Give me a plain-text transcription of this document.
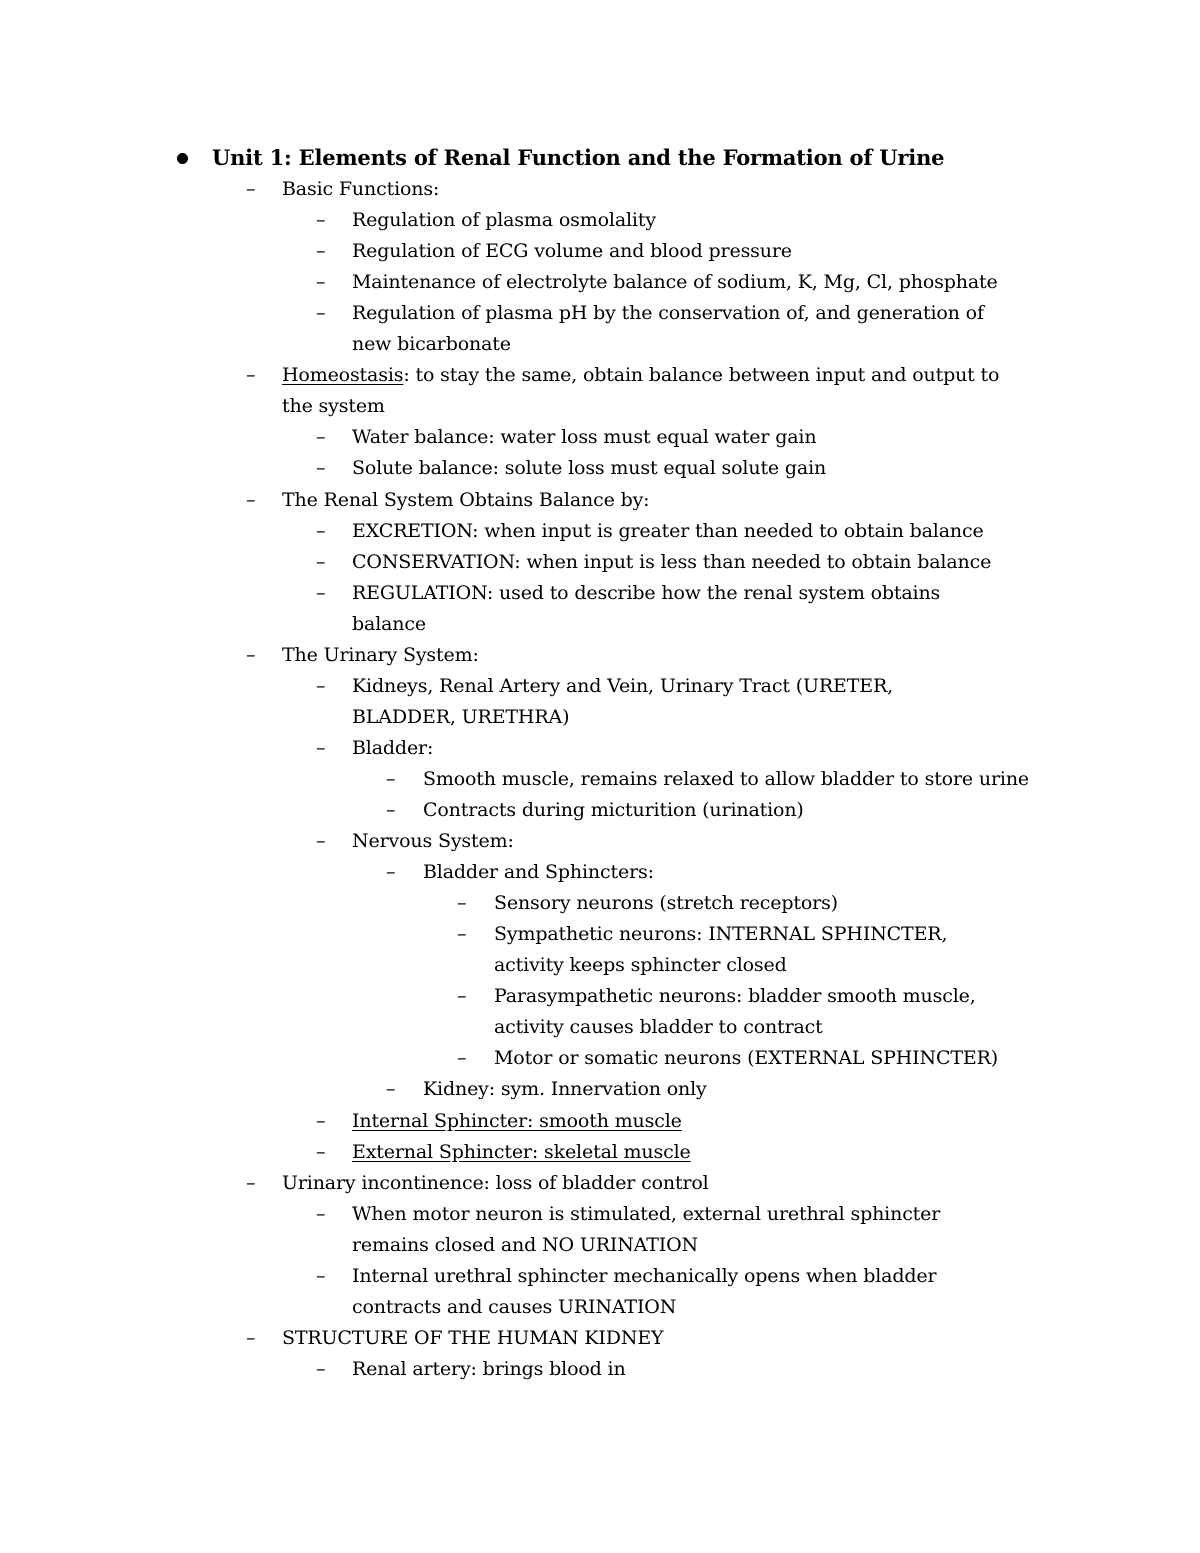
Unit 1: Elements of Renal Function and the Formation of Urine
– Basic Functions:
– Regulation of plasma osmolality
– Regulation of ECG volume and blood pressure
– Maintenance of electrolyte balance of sodium, K, Mg, Cl, phosphate
– Regulation of plasma pH by the conservation of, and generation of
new bicarbonate
– Homeostasis: to stay the same, obtain balance between input and output to
the system
– Water balance: water loss must equal water gain
– Solute balance: solute loss must equal solute gain
– The Renal System Obtains Balance by:
– EXCRETION: when input is greater than needed to obtain balance
– CONSERVATION: when input is less than needed to obtain balance
– REGULATION: used to describe how the renal system obtains
balance
– The Urinary System:
– Kidneys, Renal Artery and Vein, Urinary Tract (URETER,
BLADDER, URETHRA)
– Bladder:
– Smooth muscle, remains relaxed to allow bladder to store urine
– Contracts during micturition (urination)
– Nervous System:
– Bladder and Sphincters:
– Sensory neurons (stretch receptors)
– Sympathetic neurons: INTERNAL SPHINCTER,
activity keeps sphincter closed
– Parasympathetic neurons: bladder smooth muscle,
activity causes bladder to contract
– Motor or somatic neurons (EXTERNAL SPHINCTER)
– Kidney: sym. Innervation only
– Internal Sphincter: smooth muscle
– External Sphincter: skeletal muscle
– Urinary incontinence: loss of bladder control
– When motor neuron is stimulated, external urethral sphincter
remains closed and NO URINATION
– Internal urethral sphincter mechanically opens when bladder
contracts and causes URINATION
– STRUCTURE OF THE HUMAN KIDNEY
– Renal artery: brings blood in
